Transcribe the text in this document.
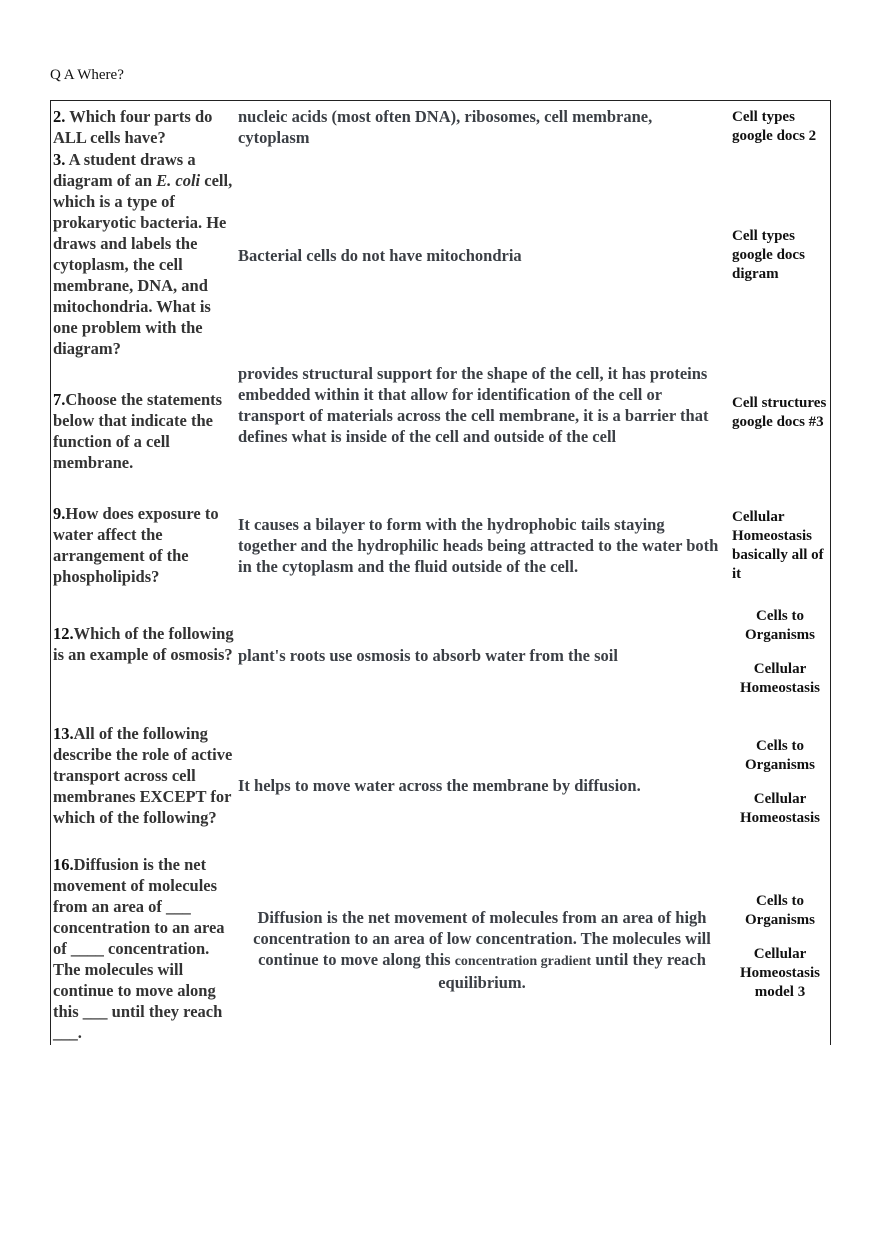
Q A Where?
2. Which four parts do ALL cells have?
nucleic acids (most often DNA), ribosomes, cell membrane, cytoplasm
Cell types google docs 2
3. A student draws a diagram of an E. coli cell, which is a type of prokaryotic bacteria. He draws and labels the cytoplasm, the cell membrane, DNA, and mitochondria. What is one problem with the diagram?
Bacterial cells do not have mitochondria
Cell types google docs digram
7.Choose the statements below that indicate the function of a cell membrane.
provides structural support for the shape of the cell, it has proteins embedded within it that allow for identification of the cell or transport of materials across the cell membrane, it is a barrier that defines what is inside of the cell and outside of the cell
Cell structures google docs #3
9.How does exposure to water affect the arrangement of the phospholipids?
It causes a bilayer to form with the hydrophobic tails staying together and the hydrophilic heads being attracted to the water both in the cytoplasm and the fluid outside of the cell.
Cellular Homeostasis basically all of it
12.Which of the following is an example of osmosis? plant's roots use osmosis to absorb water from the soil
Cells to Organisms
Cellular Homeostasis
13.All of the following describe the role of active transport across cell membranes EXCEPT for which of the following?
It helps to move water across the membrane by diffusion.
Cells to Organisms
Cellular Homeostasis
16.Diffusion is the net movement of molecules from an area of ___ concentration to an area of ____ concentration. The molecules will continue to move along this ___ until they reach ___.
Diffusion is the net movement of molecules from an area of high concentration to an area of low concentration. The molecules will continue to move along this concentration gradient until they reach equilibrium.
Cells to Organisms
Cellular Homeostasis model 3
